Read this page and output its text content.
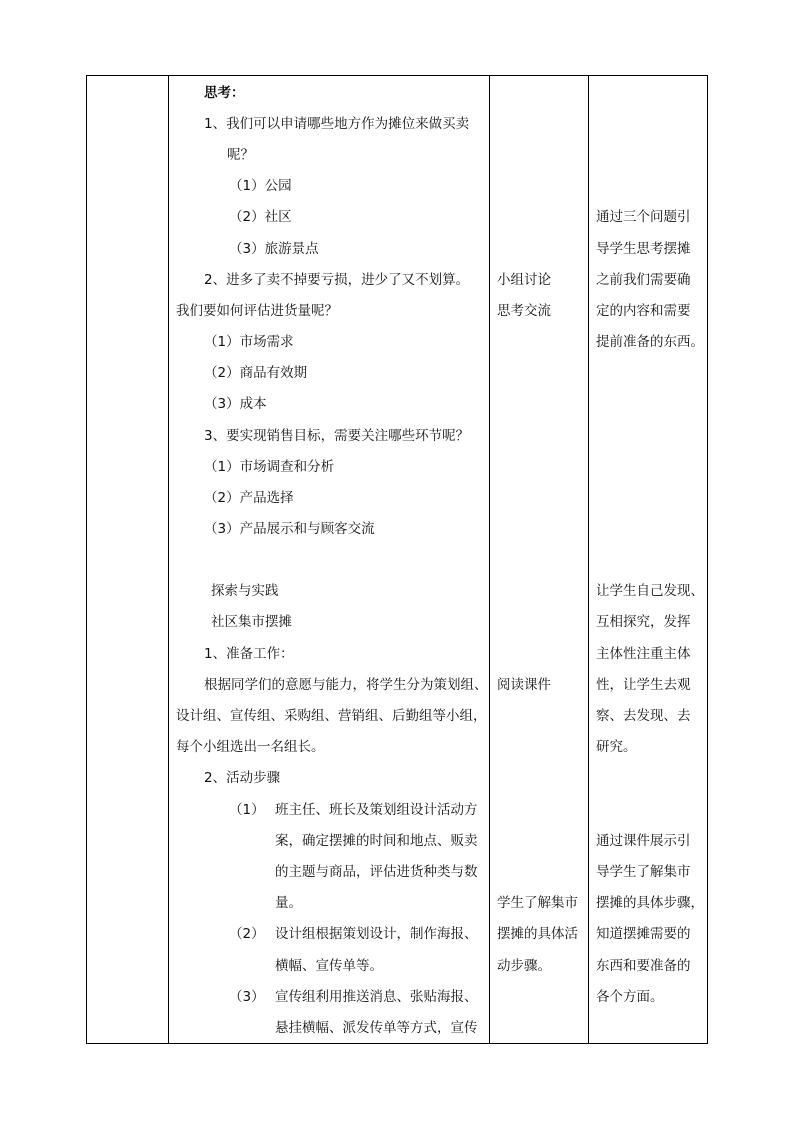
思考：
1、我们可以申请哪些地方作为摊位来做买卖
呢？
（1）公园
（2）社区
（3）旅游景点
2、进多了卖不掉要亏损，进少了又不划算。
我们要如何评估进货量呢？
（1）市场需求
（2）商品有效期
（3）成本
3、要实现销售目标，需要关注哪些环节呢？
（1）市场调查和分析
（2）产品选择
（3）产品展示和与顾客交流
探索与实践
社区集市摆摊
1、准备工作：
根据同学们的意愿与能力，将学生分为策划组、
设计组、宣传组、采购组、营销组、后勤组等小组，
每个小组选出一名组长。
2、活动步骤
（1） 班主任、班长及策划组设计活动方
案，确定摆摊的时间和地点、贩卖
的主题与商品，评估进货种类与数
量。
（2） 设计组根据策划设计，制作海报、
横幅、宣传单等。
（3） 宣传组利用推送消息、张贴海报、
悬挂横幅、派发传单等方式，宣传
小组讨论
思考交流
阅读课件
学生了解集市
摆摊的具体活
动步骤。
通过三个问题引
导学生思考摆摊
之前我们需要确
定的内容和需要
提前准备的东西。
让学生自己发现、
互相探究，发挥
主体性注重主体
性，让学生去观
察、去发现、去
研究。
通过课件展示引
导学生了解集市
摆摊的具体步骤，
知道摆摊需要的
东西和要准备的
各个方面。
